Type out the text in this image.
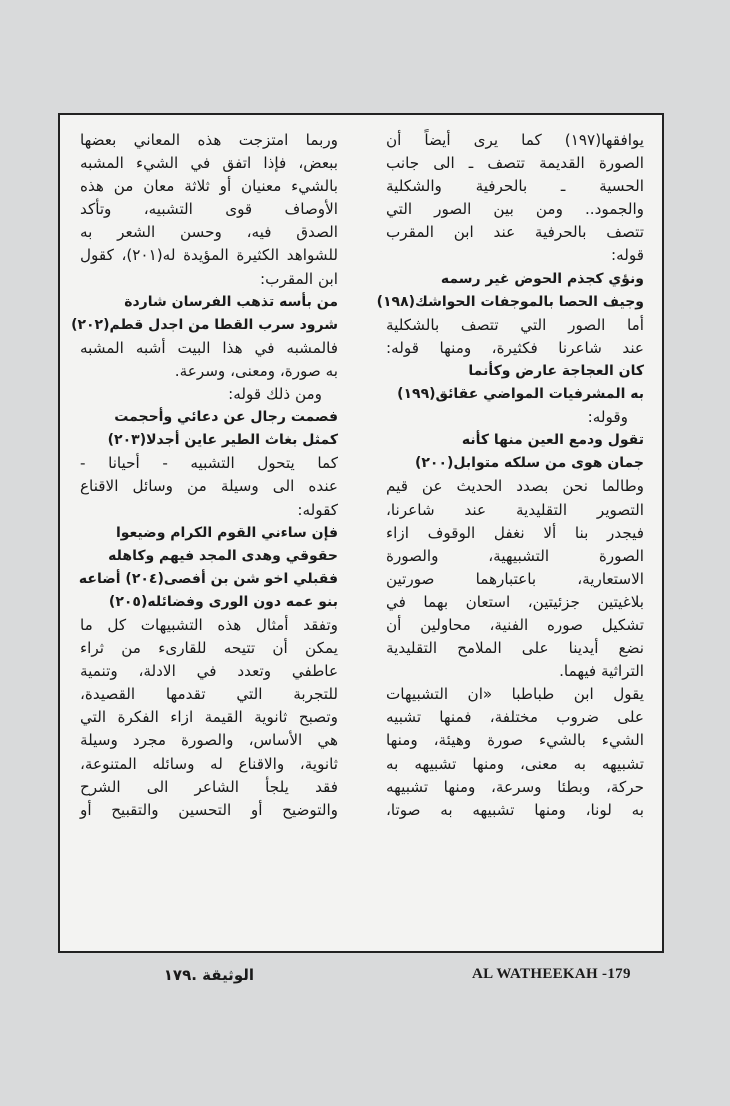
يوافقها(١٩٧) كما يرى أيضاً أن
الصورة القديمة تتصف ـ الى جانب
الحسية ـ بالحرفية والشكلية
والجمود.. ومن بين الصور التي
تتصف بالحرفية عند ابن المقرب
قوله:
ونؤي كجذم الحوض غير رسمه
وجيف الحصا بالموجفات الحواشك(١٩٨)
أما الصور التي تتصف بالشكلية
عند شاعرنا فكثيرة، ومنها قوله:
كان العجاجة عارض وكأنما
به المشرفيات المواضي عقائق(١٩٩)
وقوله:
تقول ودمع العين منها كأنه
جمان هوى من سلكه متوابل(٢٠٠)
وطالما نحن بصدد الحديث عن قيم
التصوير التقليدية عند شاعرنا،
فيجدر بنا ألا نغفل الوقوف ازاء
الصورة التشبيهية، والصورة
الاستعارية، باعتبارهما صورتين
بلاغيتين جزئيتين، استعان بهما في
تشكيل صوره الفنية، محاولين أن
نضع أيدينا على الملامح التقليدية
التراثية فيهما.
يقول ابن طباطبا «ان التشبيهات
على ضروب مختلفة، فمنها تشبيه
الشيء بالشيء صورة وهيئة، ومنها
تشبيهه به معنى، ومنها تشبيهه به
حركة، وبطئا وسرعة، ومنها تشبيهه
به لونا، ومنها تشبيهه به صوتا،
وربما امتزجت هذه المعاني بعضها
ببعض، فإذا اتفق في الشيء المشبه
بالشيء معنيان أو ثلاثة معان من هذه
الأوصاف قوى التشبيه، وتأكد
الصدق فيه، وحسن الشعر به
للشواهد الكثيرة المؤيدة له(٢٠١)، كقول
ابن المقرب:
من بأسه تذهب الفرسان شاردة
شرود سرب القطا من اجدل قطم(٢٠٢)
فالمشبه في هذا البيت أشبه المشبه
به صورة، ومعنى، وسرعة.
ومن ذلك قوله:
فصمت رجال عن دعائي وأحجمت
كمثل بغاث الطير عاين أجدلا(٢٠٣)
كما يتحول التشبيه - أحيانا -
عنده الى وسيلة من وسائل الاقناع
كقوله:
فإن ساءني القوم الكرام وضيعوا
حقوقي وهدى المجد فيهم وكاهله
فقبلي اخو شن بن أفصى(٢٠٤) أضاعه
بنو عمه دون الورى وفضائله(٢٠٥)
وتفقد أمثال هذه التشبيهات كل ما
يمكن أن تتيحه للقارىء من ثراء
عاطفي وتعدد في الادلة، وتنمية
للتجربة التي تقدمها القصيدة،
وتصبح ثانوية القيمة ازاء الفكرة التي
هي الأساس، والصورة مجرد وسيلة
ثانوية، والاقناع له وسائله المتنوعة،
فقد يلجأ الشاعر الى الشرح
والتوضيح أو التحسين والتقبيح أو
AL WATHEEKAH -179
الوثيقة .١٧٩
